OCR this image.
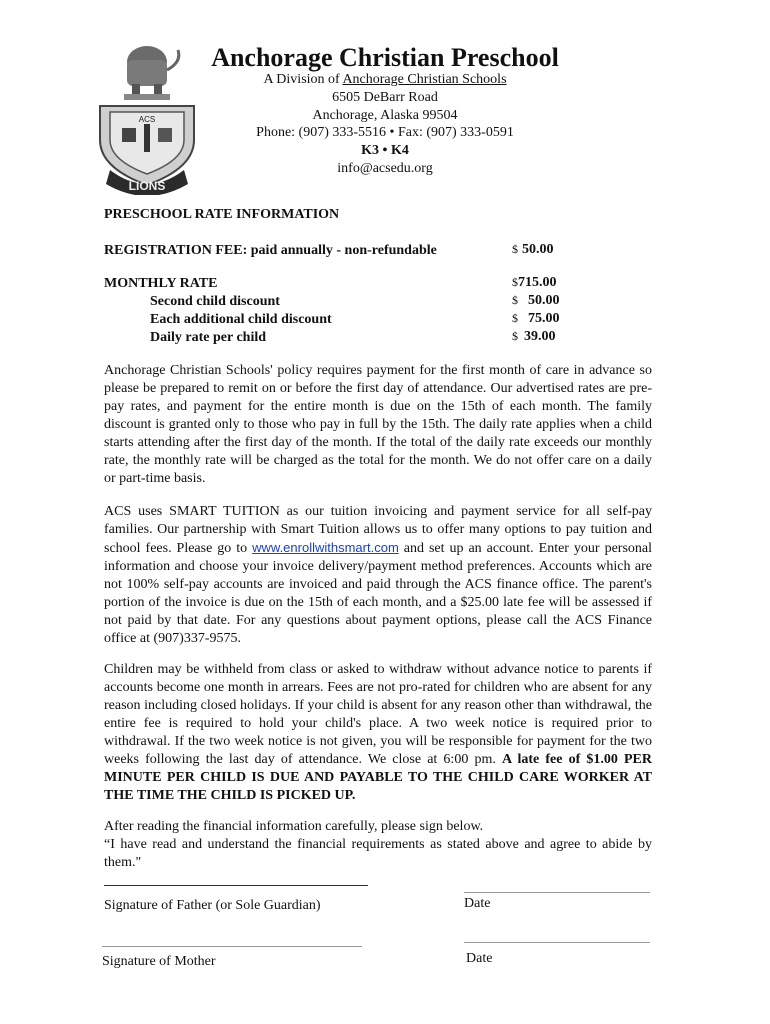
ACS
LIONS
Anchorage Christian Preschool
A Division of Anchorage Christian Schools
6505 DeBarr Road
Anchorage, Alaska 99504
Phone: (907) 333-5516 • Fax: (907) 333-0591
K3 • K4
info@acsedu.org
PRESCHOOL RATE INFORMATION
REGISTRATION FEE: paid annually - non-refundable	$ 50.00
MONTHLY RATE	$715.00
Second child discount	$ 50.00
Each additional child discount	$ 75.00
Daily rate per child	$ 39.00

Anchorage Christian Schools' policy requires payment for the first month of care in advance so please be prepared to remit on or before the first day of attendance. Our advertised rates are pre-pay rates, and payment for the entire month is due on the 15th of each month. The family discount is granted only to those who pay in full by the 15th. The daily rate applies when a child starts attending after the first day of the month. If the total of the daily rate exceeds our monthly rate, the monthly rate will be charged as the total for the month. We do not offer care on a daily or part-time basis.

ACS uses SMART TUITION as our tuition invoicing and payment service for all self-pay families. Our partnership with Smart Tuition allows us to offer many options to pay tuition and school fees. Please go to www.enrollwithsmart.com and set up an account. Enter your personal information and choose your invoice delivery/payment method preferences. Accounts which are not 100% self-pay accounts are invoiced and paid through the ACS finance office. The parent's portion of the invoice is due on the 15th of each month, and a $25.00 late fee will be assessed if not paid by that date. For any questions about payment options, please call the ACS Finance office at (907)337-9575.

Children may be withheld from class or asked to withdraw without advance notice to parents if accounts become one month in arrears. Fees are not pro-rated for children who are absent for any reason including closed holidays. If your child is absent for any reason other than withdrawal, the entire fee is required to hold your child's place. A two week notice is required prior to withdrawal. If the two week notice is not given, you will be responsible for payment for the two weeks following the last day of attendance. We close at 6:00 pm. A late fee of $1.00 PER MINUTE PER CHILD IS DUE AND PAYABLE TO THE CHILD CARE WORKER AT THE TIME THE CHILD IS PICKED UP.

After reading the financial information carefully, please sign below.

“I have read and understand the financial requirements as stated above and agree to abide by them."

Signature of Father (or Sole Guardian)	Date
Signature of Mother	Date
